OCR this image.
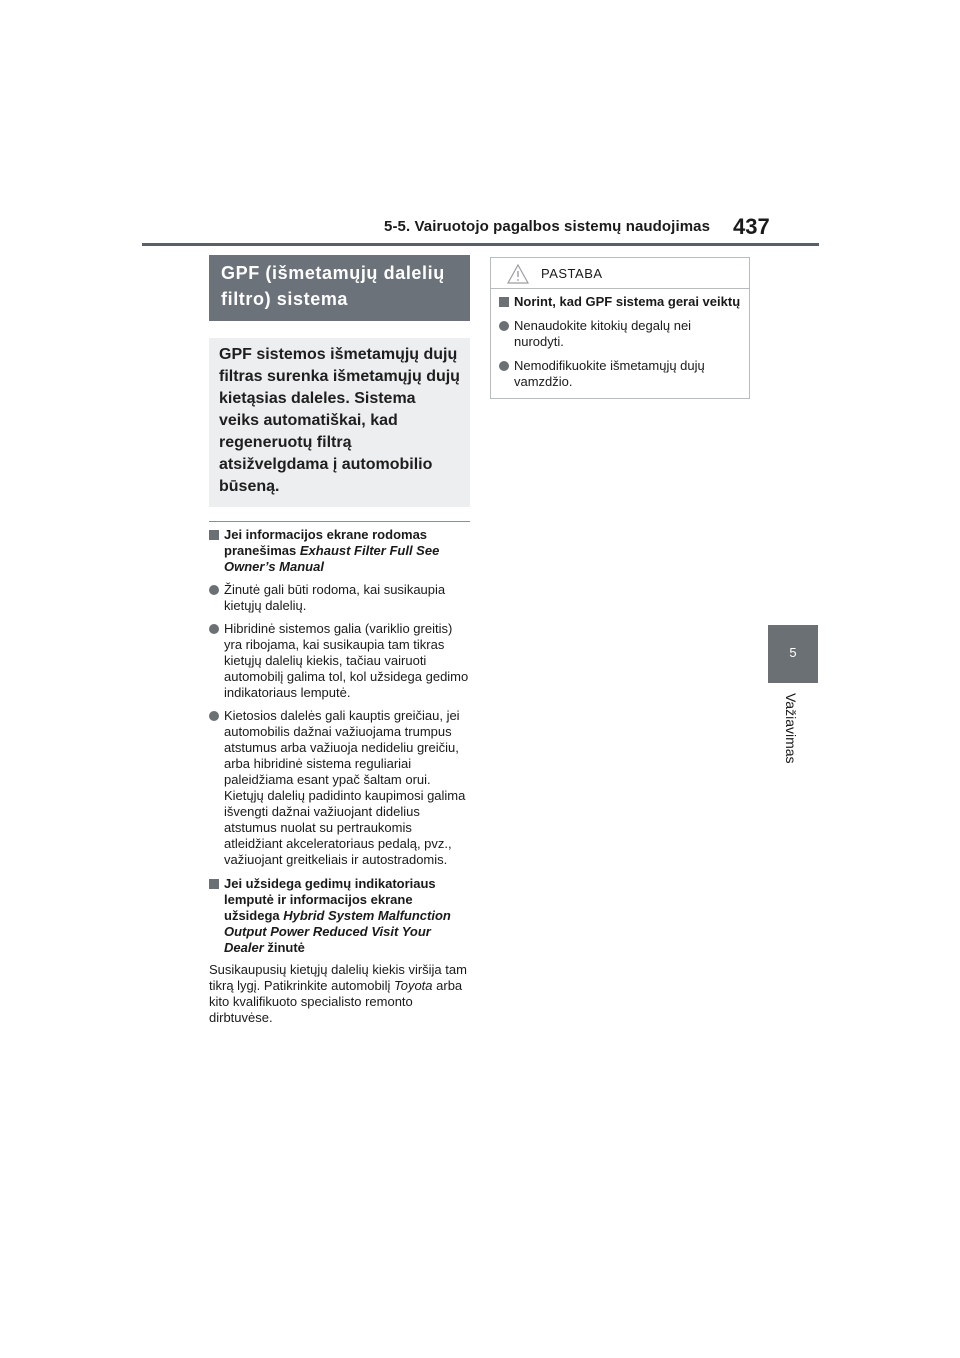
5-5. Vairuotojo pagalbos sistemų naudojimas 437
5
Važiavimas
GPF (išmetamųjų dalelių filtro) sistema
GPF sistemos išmetamųjų dujų filtras surenka išmetamųjų dujų kietąsias daleles. Sistema veiks automatiškai, kad regeneruotų filtrą atsižvelgdama į automobilio būseną.
Jei informacijos ekrane rodomas pranešimas Exhaust Filter Full See Owner’s Manual
Žinutė gali būti rodoma, kai susikaupia kietųjų dalelių.
Hibridinė sistemos galia (variklio greitis) yra ribojama, kai susikaupia tam tikras kietųjų dalelių kiekis, tačiau vairuoti automobilį galima tol, kol užsidega gedimo indikatoriaus lemputė.
Kietosios dalelės gali kauptis greičiau, jei automobilis dažnai važiuojama trumpus atstumus arba važiuoja nedideliu greičiu, arba hibridinė sistema reguliariai paleidžiama esant ypač šaltam orui. Kietųjų dalelių padidinto kaupimosi galima išvengti dažnai važiuojant didelius atstumus nuolat su pertraukomis atleidžiant akceleratoriaus pedalą, pvz., važiuojant greitkeliais ir autostradomis.
Jei užsidega gedimų indikatoriaus lemputė ir informacijos ekrane užsidega Hybrid System Malfunction Output Power Reduced Visit Your Dealer žinutė
Susikaupusių kietųjų dalelių kiekis viršija tam tikrą lygį. Patikrinkite automobilį Toyota arba kito kvalifikuoto specialisto remonto dirbtuvėse.
PASTABA
Norint, kad GPF sistema gerai veiktų
Nenaudokite kitokių degalų nei nurodyti.
Nemodifikuokite išmetamųjų dujų vamzdžio.
